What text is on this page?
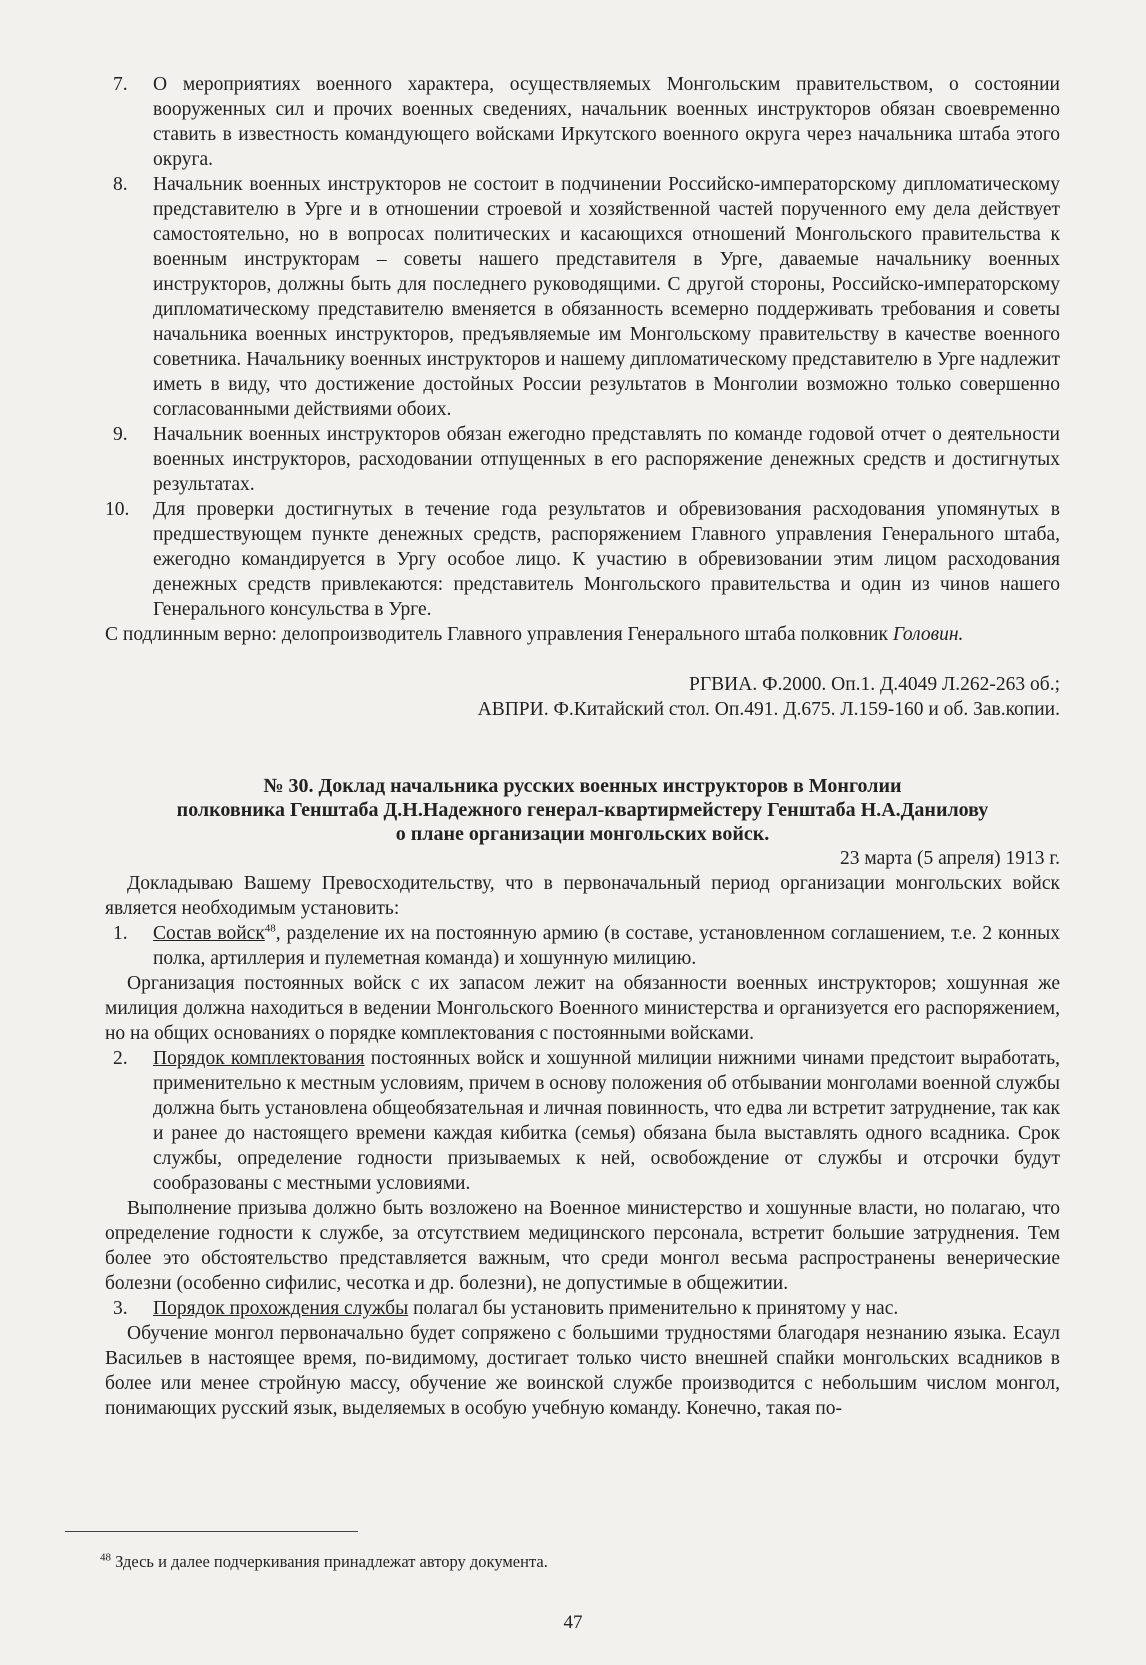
7. О мероприятиях военного характера, осуществляемых Монгольским правительством, о состоянии вооруженных сил и прочих военных сведениях, начальник военных инструкторов обязан своевременно ставить в известность командующего войсками Иркутского военного округа через начальника штаба этого округа.
8. Начальник военных инструкторов не состоит в подчинении Российско-императорскому дипломатическому представителю в Урге и в отношении строевой и хозяйственной частей порученного ему дела действует самостоятельно, но в вопросах политических и касающихся отношений Монгольского правительства к военным инструкторам – советы нашего представителя в Урге, даваемые начальнику военных инструкторов, должны быть для последнего руководящими. С другой стороны, Российско-императорскому дипломатическому представителю вменяется в обязанность всемерно поддерживать требования и советы начальника военных инструкторов, предъявляемые им Монгольскому правительству в качестве военного советника. Начальнику военных инструкторов и нашему дипломатическому представителю в Урге надлежит иметь в виду, что достижение достойных России результатов в Монголии возможно только совершенно согласованными действиями обоих.
9. Начальник военных инструкторов обязан ежегодно представлять по команде годовой отчет о деятельности военных инструкторов, расходовании отпущенных в его распоряжение денежных средств и достигнутых результатах.
10. Для проверки достигнутых в течение года результатов и обревизования расходования упомянутых в предшествующем пункте денежных средств, распоряжением Главного управления Генерального штаба, ежегодно командируется в Ургу особое лицо. К участию в обревизовании этим лицом расходования денежных средств привлекаются: представитель Монгольского правительства и один из чинов нашего Генерального консульства в Урге.
С подлинным верно: делопроизводитель Главного управления Генерального штаба полковник Головин.
РГВИА. Ф.2000. Оп.1. Д.4049 Л.262-263 об.;
АВПРИ. Ф.Китайский стол. Оп.491. Д.675. Л.159-160 и об. Зав.копии.
№ 30. Доклад начальника русских военных инструкторов в Монголии
полковника Генштаба Д.Н.Надежного генерал-квартирмейстеру Генштаба Н.А.Данилову
о плане организации монгольских войск.
23 марта (5 апреля) 1913 г.
Докладываю Вашему Превосходительству, что в первоначальный период организации монгольских войск является необходимым установить:
1. Состав войск$^{48}$, разделение их на постоянную армию (в составе, установленном соглашением, т.е. 2 конных полка, артиллерия и пулеметная команда) и хошунную милицию.
Организация постоянных войск с их запасом лежит на обязанности военных инструкторов; хошунная же милиция должна находиться в ведении Монгольского Военного министерства и организуется его распоряжением, но на общих основаниях о порядке комплектования с постоянными войсками.
2. Порядок комплектования постоянных войск и хошунной милиции нижними чинами предстоит выработать, применительно к местным условиям, причем в основу положения об отбывании монголами военной службы должна быть установлена общеобязательная и личная повинность, что едва ли встретит затруднение, так как и ранее до настоящего времени каждая кибитка (семья) обязана была выставлять одного всадника. Срок службы, определение годности призываемых к ней, освобождение от службы и отсрочки будут сообразованы с местными условиями.
Выполнение призыва должно быть возложено на Военное министерство и хошунные власти, но полагаю, что определение годности к службе, за отсутствием медицинского персонала, встретит большие затруднения. Тем более это обстоятельство представляется важным, что среди монгол весьма распространены венерические болезни (особенно сифилис, чесотка и др. болезни), не допустимые в общежитии.
3. Порядок прохождения службы полагал бы установить применительно к принятому у нас.
Обучение монгол первоначально будет сопряжено с большими трудностями благодаря незнанию языка. Есаул Васильев в настоящее время, по-видимому, достигает только чисто внешней спайки монгольских всадников в более или менее стройную массу, обучение же воинской службе производится с небольшим числом монгол, понимающих русский язык, выделяемых в особую учебную команду. Конечно, такая по-
$^{48}$ Здесь и далее подчеркивания принадлежат автору документа.
47
